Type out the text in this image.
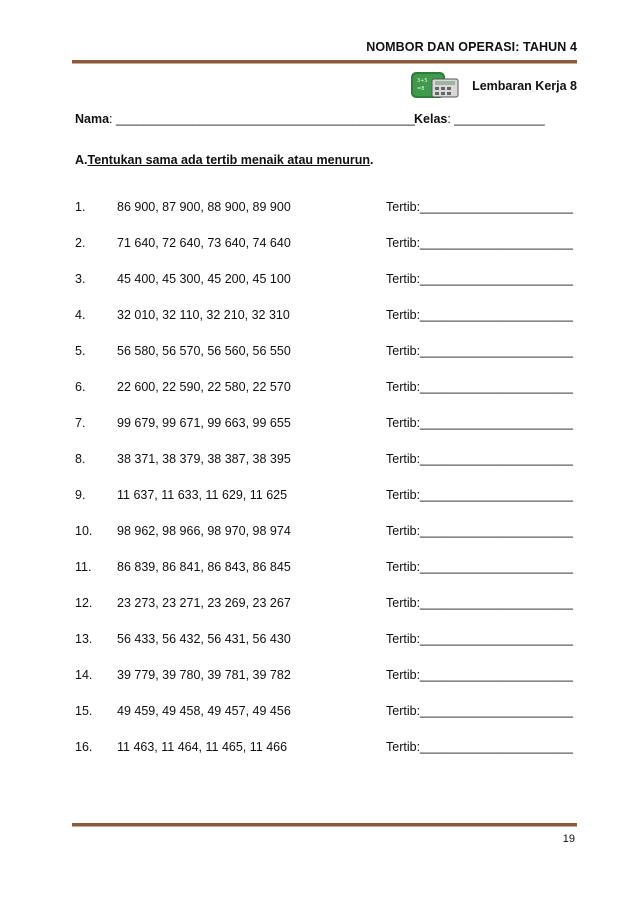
NOMBOR DAN OPERASI: TAHUN 4
3+5
=8	Lembaran Kerja 8
Nama: ___________________________________________ Kelas: _____________
A.Tentukan sama ada tertib menaik atau menurun.
1.	86 900, 87 900, 88 900, 89 900	Tertib:______________________
2.	71 640, 72 640, 73 640, 74 640	Tertib:______________________
3.	45 400, 45 300, 45 200, 45 100	Tertib:______________________
4.	32 010, 32 110, 32 210, 32 310	Tertib:______________________
5.	56 580, 56 570, 56 560, 56 550	Tertib:______________________
6.	22 600, 22 590, 22 580, 22 570	Tertib:______________________
7.	99 679, 99 671, 99 663, 99 655	Tertib:______________________
8.	38 371, 38 379, 38 387, 38 395	Tertib:______________________
9.	11 637, 11 633, 11 629, 11 625	Tertib:______________________
10. 98 962, 98 966, 98 970, 98 974	Tertib:______________________
11. 86 839, 86 841, 86 843, 86 845	Tertib:______________________
12. 23 273, 23 271, 23 269, 23 267	Tertib:______________________
13. 56 433, 56 432, 56 431, 56 430	Tertib:______________________
14. 39 779, 39 780, 39 781, 39 782	Tertib:______________________
15. 49 459, 49 458, 49 457, 49 456	Tertib:______________________
16. 11 463, 11 464, 11 465, 11 466	Tertib:______________________
19
